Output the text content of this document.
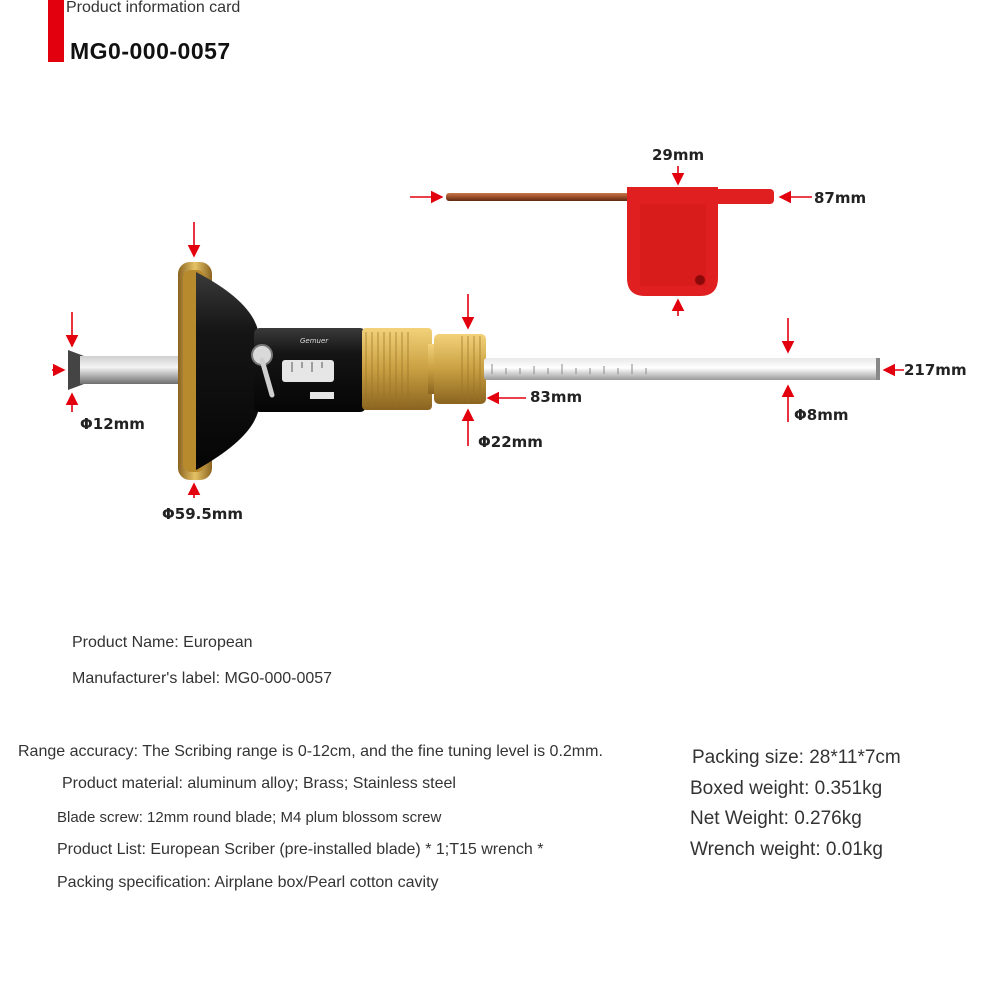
Product information card
MG0-000-0057
Gemuer
29mm
87mm
217mm
Φ12mm
Φ59.5mm
Φ22mm
83mm
Φ8mm
Product Name: European
Manufacturer's label: MG0-000-0057
Range accuracy: The Scribing range is 0-12cm, and the fine tuning level is 0.2mm.
Product material: aluminum alloy; Brass; Stainless steel
Blade screw: 12mm round blade; M4 plum blossom screw
Product List: European Scriber (pre-installed blade) * 1;T15 wrench *
Packing specification: Airplane box/Pearl cotton cavity
Packing size: 28*11*7cm
Boxed weight: 0.351kg
Net Weight: 0.276kg
Wrench weight: 0.01kg
